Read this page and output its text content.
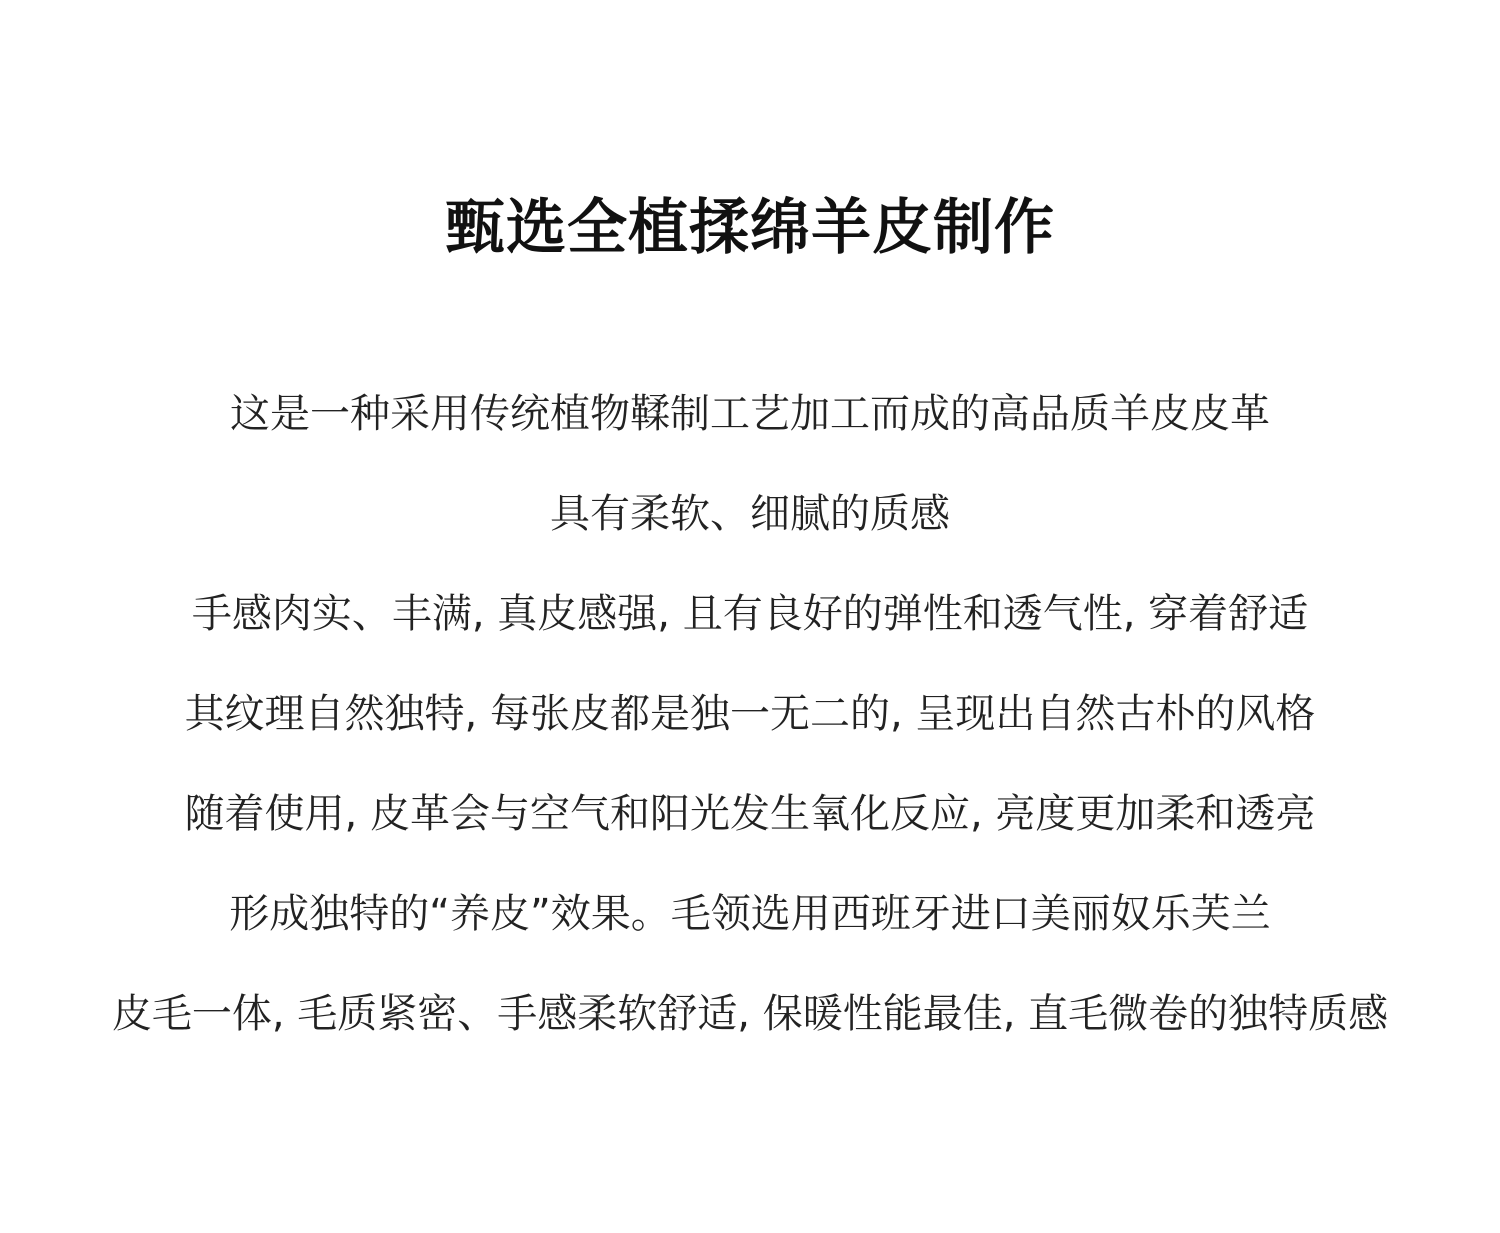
甄选全植揉绵羊皮制作
这是一种采用传统植物鞣制工艺加工而成的高品质羊皮皮革
具有柔软、细腻的质感
手感肉实、丰满, 真皮感强, 且有良好的弹性和透气性, 穿着舒适
其纹理自然独特, 每张皮都是独一无二的, 呈现出自然古朴的风格
随着使用, 皮革会与空气和阳光发生氧化反应, 亮度更加柔和透亮
形成独特的“养皮”效果。毛领选用西班牙进口美丽奴乐芙兰
皮毛一体, 毛质紧密、手感柔软舒适, 保暖性能最佳, 直毛微卷的独特质感
